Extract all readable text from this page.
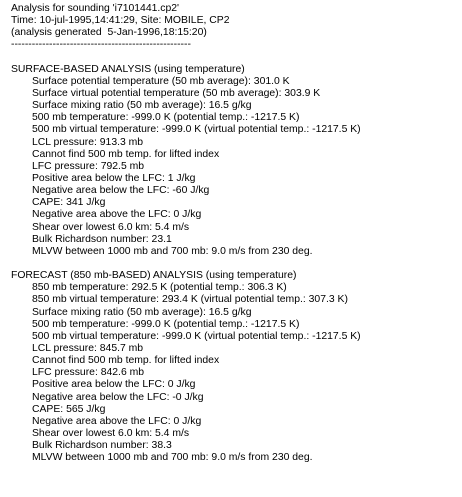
Analysis for sounding 'i7101441.cp2'
Time: 10-jul-1995,14:41:29, Site: MOBILE, CP2
(analysis generated  5-Jan-1996,18:15:20)
----------------------------------------------------
SURFACE-BASED ANALYSIS (using temperature)
Surface potential temperature (50 mb average): 301.0 K
Surface virtual potential temperature (50 mb average): 303.9 K
Surface mixing ratio (50 mb average): 16.5 g/kg
500 mb temperature: -999.0 K (potential temp.: -1217.5 K)
500 mb virtual temperature: -999.0 K (virtual potential temp.: -1217.5 K)
LCL pressure: 913.3 mb
Cannot find 500 mb temp. for lifted index
LFC pressure: 792.5 mb
Positive area below the LFC: 1 J/kg
Negative area below the LFC: -60 J/kg
CAPE: 341 J/kg
Negative area above the LFC: 0 J/kg
Shear over lowest 6.0 km: 5.4 m/s
Bulk Richardson number: 23.1
MLVW between 1000 mb and 700 mb: 9.0 m/s from 230 deg.
FORECAST (850 mb-BASED) ANALYSIS (using temperature)
850 mb temperature: 292.5 K (potential temp.: 306.3 K)
850 mb virtual temperature: 293.4 K (virtual potential temp.: 307.3 K)
Surface mixing ratio (50 mb average): 16.5 g/kg
500 mb temperature: -999.0 K (potential temp.: -1217.5 K)
500 mb virtual temperature: -999.0 K (virtual potential temp.: -1217.5 K)
LCL pressure: 845.7 mb
Cannot find 500 mb temp. for lifted index
LFC pressure: 842.6 mb
Positive area below the LFC: 0 J/kg
Negative area below the LFC: -0 J/kg
CAPE: 565 J/kg
Negative area above the LFC: 0 J/kg
Shear over lowest 6.0 km: 5.4 m/s
Bulk Richardson number: 38.3
MLVW between 1000 mb and 700 mb: 9.0 m/s from 230 deg.
